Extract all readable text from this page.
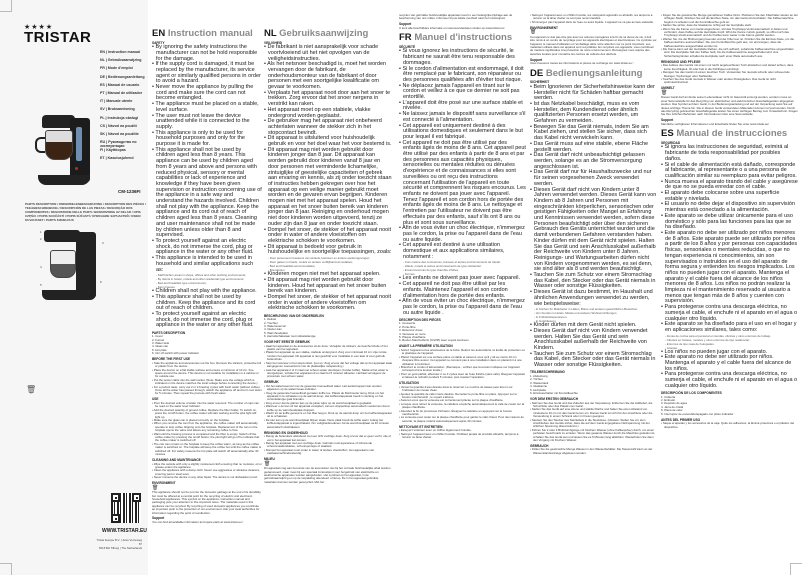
★★★★
TRISTAR
EN | Instruction manual
NL | Gebruiksaanwijzing
FR | Mode d'emploi
DE | Bedienungsanleitung
ES | Manual de usuario
PT | Manual de utilizador
IT | Manuale utente
SV | Bruksanvisning
PL | Instrukcja obsługi
CS | Návod na použití
SK | Návod na použitie
RU | Руководство по эксплуатации
FI | Käyttöopas
ET | Kasutusjuhend
CM-1236FI
PARTS DESCRIPTION / ONDERDELENBESCHRIJVING / DESCRIPTION DES PIÈCES / TEILEBESCHREIBUNG / DESCRIPCIÓN DE LAS PIEZAS / DESCRIÇÃO DOS COMPONENTES / DESCRIZIONE DELLE PARTI / BESKRIVNING AV DELAR / OPIS CZĘŚCI / POPIS SOUČÁSTÍ / POPIS SÚČASTÍ / ОПИСАНИЕ ЗАПЧАСТЕЙ / OSIEN KUVAUKSET / PARTS KIRJELDUS
1
2
3
4
5
6
🗑
WWW.TRISTAR.EU
Tristar Europe B.V. | Jules Verneweg 87
5015 BH Tilburg | The Netherlands
EN Instruction manual
SAFETY
• By ignoring the safety instructions the manufacturer can not be hold responsible for the damage.
• If the supply cord is damaged, it must be replaced by the manufacturer, its service agent or similarly qualified persons in order to avoid a hazard.
• Never move the appliance by pulling the cord and make sure the cord can not become entangled.
• The appliance must be placed on a stable, level surface.
• The user must not leave the device unattended while it is connected to the supply.
• This appliance is only to be used for household purposes and only for the purpose it is made for.
• This appliance shall not be used by children aged less than 8 years. This appliance can be used by children aged from 8 years and above and persons with reduced physical, sensory or mental capabilities or lack of experience and knowledge if they have been given supervision or instruction concerning use of the appliance in a safe way and understand the hazards involved. Children shall not play with the appliance. Keep the appliance and its cord out of reach of children aged less than 8 years. Cleaning and user maintenance shall not be made by children unless older than 8 and supervised.
• To protect yourself against an electric shock, do not immerse the cord, plug or appliance in the water or any other fluid.
• This appliance is intended to be used in household and similar applications such as:
- Staff kitchen areas in shops, offices and other working environments;
- By clients in hotels, motels and other residential type environments;
- Bed and breakfast type environments;
- Farm houses.
• Children shall not play with the appliance.
• This appliance shall not be used by children. Keep the appliance and its cord out of reach of children.
• To protect yourself against an electric shock, do not immerse the cord, plug or appliance in the water or any other fluid.
PARTS DESCRIPTION
1. Cover
2. Funnel
3. Water tank
4. Glass can
5. Hot plate
6. On/ off switch with power indicator
BEFORE THE FIRST USE
• Take the appliance and accessories out the box. Remove the stickers, protective foil or plastic from the device.
• Place the device on a flat stable surface and ensure a minimum of 10 cm. free space around the device. This device is not suitable for installation in a cabinet or for outside use.
• Put the power cable into the wall socket. (Note: Make sure the voltage which is indicated on the device matches the local voltage before connecting the device.)
• For a perfect taste, carry out 2 or 3 brewing cycles with fresh water (without coffee). Once all the water has passed through, switch the appliance off and let it cool down for 5 minutes. Then repeat the process with fresh water.
USE
• Pour the desired volume of water into the water reservoir. The number of cups can be read on the water level indicator.
• Add the desired quantity of ground coffee. Replace the filter holder. To switch on, press the on/off button, the coffee maker will start working and the pilot light will light up.
• Make sure the glass can is placed correctly on the hotplate.
• When you remove the can from the appliance, the coffee maker will automatically operate to stop coffee dripping onto the hotplate. Replacement of the can on the hotplate opens the valve and allows any remaining coffee to flow.
• Wait until the brewing process is completed and the filter is empty. Switch off the coffee maker by pressing the on/off button; the pilot light will go off to indicate that the coffee maker is switched off.
• The can can remain on the hotplate to keep the coffee warm, as long as the coffee maker is switched on. The hotplate will keep the coffee hot until the coffee maker is switched off. For safety reasons the hot plate will switch off automatically after 40 minutes.
CLEANING AND MAINTENANCE
• Wipe the outside with only a slightly moistened cloth ensuring that no moisture, oil or grease enters the appliance.
• Clean the appliance with a damp cloth. Never use aggressive or abrasive cleaners, scouring pad or steel wool.
• Never immerse the device in any other liquid. The device is not dishwasher proof.
ENVIRONMENT
🗑
This appliance should not be put into the domestic garbage at the end of its durability, but must be offered at a central point for the recycling of electric and electronic household appliances. This symbol on the appliance, instruction manual and packaging puts your attention to this important issue. The materials used in this appliance can be recycled. By recycling of used domestic appliances you contribute an important push to the protection of our environment. Ask your local authorities for information regarding the point of recollection.
Support
You can find all available information and spare parts at www.tristar.eu!
NL Gebruiksaanwijzing
VEILIGHEID
• De fabrikant is niet aansprakelijk voor schade voortvloeiend uit het niet opvolgen van de veiligheidsinstructies.
• Als het netsnoer beschadigd is, moet het worden vervangen door de fabrikant, de onderhoudsmonteur van de fabrikant of door personen met een soortgelijke kwalificatie om gevaar te voorkomen.
• Verplaats het apparaat nooit door aan het snoer te trekken. Zorg ervoor dat het snoer nergens in verstrikt kan raken.
• Het apparaat moet op een stabiele, vlakke ondergrond worden geplaatst.
• De gebruiker mag het apparaat niet onbeheerd achterlaten wanneer de stekker zich in het stopcontact bevindt.
• Dit apparaat is uitsluitend voor huishoudelijk gebruik en voor het doel waar het voor bestemd is.
• Dit apparaat mag niet worden gebruikt door kinderen jonger dan 8 jaar. Dit apparaat kan worden gebruikt door kinderen vanaf 8 jaar en door personen met verminderde lichamelijke, zintuiglijke of geestelijke capaciteiten of gebrek aan ervaring en kennis, als zij onder toezicht staan of instructies hebben gekregen over hoe het apparaat op een veilige manier gebruikt moet worden en de gevaren ervan begrijpen. Kinderen mogen niet met het apparaat spelen. Houd het apparaat en het snoer buiten bereik van kinderen jonger dan 8 jaar. Reiniging en onderhoud mogen niet door kinderen worden uitgevoerd, tenzij ze ouder zijn dan 8 jaar en onder toezicht staan.
• Dompel het snoer, de stekker of het apparaat nooit onder in water of andere vloeistoffen om elektrische schokken te voorkomen.
• Dit apparaat is bedoeld voor gebruik in huishoudelijke en soortgelijke toepassingen, zoals:
- Door personeel in keukens van winkels, kantoren en andere werkomgevingen;
- Door gasten in hotels, motels en andere verblijfsaccommodaties;
- Bed and breakfast-accommodaties;
- Boerderijen.
• Kinderen mogen niet met het apparaat spelen.
• Dit apparaat mag niet worden gebruikt door kinderen. Houd het apparaat en het snoer buiten bereik van kinderen.
• Dompel het snoer, de stekker of het apparaat nooit onder in water of andere vloeistoffen om elektrische schokken te voorkomen.
BESCHRIJVING VAN DE ONDERDELEN
1. Deksel
2. Trechter
3. Waterreservoir
4. Glazen kan
5. Warmhoudplaat
6. Aan/uitschakelaar met indicatielampje
VOOR HET EERSTE GEBRUIK
• Haal het apparaat en de accessoires uit de doos. Verwijder de stickers, de beschermfolie of het plastic van het apparaat.
• Plaats het apparaat op een vlakke, stabiele ondergrond. Zorg voor minimaal 10 cm vrije ruimte rondom het apparaat. Dit apparaat is niet geschikt voor installatie in een kast of voor gebruik buitenshuis.
• Stop het netsnoer in het stopcontact. (Let op: Zorg ervoor dat het voltage dat op het apparaat staat aangegeven overeenkomt met de plaatselijke netspanning.)
• Laat het apparaat 2 of 3 maal met schoon water doorlopen (zonder koffie). Nadat al het water is doorgelopen, schakel het apparaat uit en laat het 5 minuten afkoelen. Herhaal vervolgens de procedure met schoon water.
GEBRUIK
• Vul het waterreservoir met de gewenste hoeveelheid water. Het aantal koppen kan worden afgelezen op de waterniveau-indicator.
• Voeg de gewenste hoeveelheid gemalen koffie toe. Plaats de filterhouder terug. Druk om het apparaat in te schakelen op de aan/uit-knop. Het koffiezetapparaat treedt in werking en het controlelampje gaat branden.
• Zorg ervoor dat de glazen kan op de juiste wijze op de warmhoudplaat is geplaatst.
• Wanneer u de kan uit het apparaat verwijdert, zal een druppelstop automatisch voorkomen dat er koffie op de warmhoudplaat druppelt.
• Wacht tot de koffie gereed is en het filter leeg is. Druk op de aan/uit-knop om het koffiezetapparaat uit te schakelen.
• De kan kan op de warmhoudplaat blijven staan. Deze plaat houdt de koffie warm zolang het koffiezetapparaat is ingeschakeld. Om veiligheidsredenen zal de warmhoudplaat na 40 minuten automatisch uitschakelen.
REINIGING EN ONDERHOUD
• Reinig de buitenkant uitsluitend met een licht vochtige doek. Zorg ervoor dat er geen vocht, olie of vet in het apparaat kan komen.
• Reinig het apparaat met een vochtige doek. Gebruik nooit agressieve of schurende schoonmaakmiddelen, schuursponsjes of staalwol.
• Dompel het apparaat nooit onder in water of andere vloeistoffen. Het apparaat is niet vaatwasmachinebestendig.
MILIEU
🗑
Dit apparaat mag aan het einde van de levensduur niet bij het normale huishoudelijke afval worden gedeponeerd, maar moet bij een speciaal inzamelpunt voor hergebruik van elektrische en elektronische apparaten worden aangeboden. Het symbool op het apparaat, in de gebruiksaanwijzing en op de verpakking attendeert u hierop. De in het apparaat gebruikte materialen kunnen worden gerecycled. Met het
recyclen van gebruikte huishoudelijke apparaten levert u een belangrijke bijdrage aan de bescherming van ons milieu. Informeer bij uw lokale overheid naar het inzamelpunt.
Support
U kunt alle beschikbare informatie en reserveonderdelen vinden op www.tristar.eu!
FR Manuel d'instructions
SÉCURITÉ
• Si vous ignorez les instructions de sécurité, le fabricant ne saurait être tenu responsable des dommages.
• Si le cordon d'alimentation est endommagé, il doit être remplacé par le fabricant, son réparateur ou des personnes qualifiées afin d'éviter tout risque.
• Ne déplacez jamais l'appareil en tirant sur le cordon et veillez à ce que ce dernier ne soit pas entortillé.
• L'appareil doit être posé sur une surface stable et nivelée.
• Ne laissez jamais le dispositif sans surveillance s'il est connecté à l'alimentation.
• Cet appareil est uniquement destiné à des utilisations domestiques et seulement dans le but pour lequel il est fabriqué.
• Cet appareil ne doit pas être utilisé par des enfants âgés de moins de 8 ans. Cet appareil peut être utilisé par des enfants à partir de 8 ans et par des personnes aux capacités physiques, sensorielles ou mentales réduites ou dénuées d'expérience et de connaissances si elles sont surveillées ou ont reçu des instructions concernant l'utilisation de l'appareil en toute sécurité et comprennent les risques encourus. Les enfants ne doivent pas jouer avec l'appareil. Tenez l'appareil et son cordon hors de portée des enfants âgés de moins de 8 ans. Le nettoyage et l'entretien par l'utilisateur ne doivent pas être effectués par des enfants, sauf s'ils ont 8 ans ou plus et sont sous surveillance.
• Afin de vous éviter un choc électrique, n'immergez pas le cordon, la prise ou l'appareil dans de l'eau ou autre liquide.
• Cet appareil est destiné à une utilisation domestique et aux applications similaires, notamment :
- Coin cuisine des commerces, bureaux et autres environnements de travail.
- Hôtels, motels et autres environnements de type résidentiel.
- Environnements de type chambre d'hôtes.
- Fermes.
• Les enfants ne doivent pas jouer avec l'appareil.
• Cet appareil ne doit pas être utilisé par les enfants. Maintenez l'appareil et son cordon d'alimentation hors de portée des enfants.
• Afin de vous éviter un choc électrique, n'immergez pas le cordon, la prise ou l'appareil dans de l'eau ou autre liquide .
DESCRIPTION DES PIÈCES
1. Couvercle
2. Porte-filtre
3. Réservoir d'eau
4. Verseuse en verre
5. Plaque chauffante
6. Bouton Marche/Arrêt (On/Off) avec voyant lumineux
AVANT LA PREMIÈRE UTILISATION
• Sortez l'appareil et les accessoires de la boîte. Retirez les autocollants, la feuille de protection ou le plastique de l'appareil.
• Placez l'appareil sur une surface plane et stable et assurez-vous qu'il y ait au moins 10 cm d'espace libre autour. Cet appareil ne convient pas à une installation dans un placard ni à une utilisation à l'extérieur.
• Branchez le cordon d'alimentation. (Remarque : vérifiez que la tension indiquée sur l'appareil correspond à la tension locale.)
• Pour un goût parfait, effectuez 2 ou 3 cycles avec de l'eau fraîche (sans café). Éteignez l'appareil et laissez-le refroidir pendant 5 minutes, puis répétez l'opération.
UTILISATION
• Versez la quantité d'eau désirée dans le réservoir. Le nombre de tasses peut être lu sur l'indicateur de niveau d'eau.
• Ajoutez la quantité de café moulu désirée. Remettez le porte-filtre en place. Appuyez sur le bouton marche/arrêt ; le voyant s'allume.
• Assurez-vous que la verseuse est correctement placée sur la plaque chauffante.
• Lorsque vous retirez la verseuse, la cafetière empêche automatiquement le café de couler sur la plaque chauffante.
• Attendez la fin du processus d'infusion. Éteignez la cafetière en appuyant sur le bouton marche/arrêt.
• La verseuse peut rester sur la plaque chauffante pour garder le café chaud. Pour des raisons de sécurité, la plaque s'éteint automatiquement après 40 minutes.
NETTOYAGE ET ENTRETIEN
• Essuyez l'extérieur avec un chiffon légèrement humide.
• Nettoyez l'appareil avec un chiffon humide. N'utilisez jamais de produits abrasifs, tampons à récurer ou laine d'acier.
• Nettoyez l'appareil avec un chiffon humide, les nettoyants agressifs ou abrasifs, les tampons à récurer ou la laine d'acier ne sont pas recommandés.
• N'immergez pas l'appareil dans de l'eau ou autre liquide. L'appareil ne va pas au lave-vaisselle.
ENVIRONNEMENT
🗑
Cet appareil ne doit pas être jeté avec les ordures ménagères à la fin de sa durée de vie, il doit être remis à un centre de recyclage pour les appareils électriques et électroniques. Ce symbole sur l'appareil, le manuel d'utilisation et l'emballage attire votre attention sur ce point important. Les matériaux utilisés dans cet appareil sont recyclables. En recyclant vos appareils, vous contribuez de manière significative à la protection de notre environnement. Renseignez-vous auprès des autorités locales pour connaître les centres de collecte des déchets.
Support
Vous trouverez toutes les informations et pièces de rechange sur www.tristar.eu !
DE Bedienungsanleitung
SICHERHEIT
• Beim Ignorieren der Sicherheitshinweise kann der Hersteller nicht für Schäden haftbar gemacht werden.
• Ist das Netzkabel beschädigt, muss es vom Hersteller, dem Kundendienst oder ähnlich qualifizierten Personen ersetzt werden, um Gefahren zu vermeiden.
• Bewegen Sie das Gerät niemals, indem Sie am Kabel ziehen, und stellen Sie sicher, dass sich das Kabel nicht verwickeln kann.
• Das Gerät muss auf eine stabile, ebene Fläche gestellt werden.
• Das Gerät darf nicht unbeaufsichtigt gelassen werden, solange es an die Stromversorgung angeschlossen ist.
• Das Gerät darf nur für Haushaltszwecke und nur für seinen vorgesehenen Zweck verwendet werden.
• Dieses Gerät darf nicht von Kindern unter 8 Jahren verwendet werden. Dieses Gerät kann von Kindern ab 8 Jahren und Personen mit eingeschränkten körperlichen, sensorischen oder geistigen Fähigkeiten oder Mangel an Erfahrung und Kenntnissen verwendet werden, sofern diese Personen beaufsichtigt oder über den sicheren Gebrauch des Geräts unterrichtet wurden und die damit verbundenen Gefahren verstanden haben. Kinder dürfen mit dem Gerät nicht spielen. Halten Sie das Gerät und sein Anschlusskabel außerhalb der Reichweite von Kindern unter 8 Jahren. Reinigungs- und Wartungsarbeiten dürfen nicht von Kindern vorgenommen werden, es sei denn, sie sind älter als 8 und werden beaufsichtigt.
• Tauchen Sie zum Schutz vor einem Stromschlag das Kabel, den Stecker oder das Gerät niemals in Wasser oder sonstige Flüssigkeiten.
• Dieses Gerät ist dazu bestimmt, im Haushalt und ähnlichen Anwendungen verwendet zu werden, wie beispielsweise:
- In Küchen für Mitarbeiter in Läden, Büros und anderen gewerblichen Bereichen.
- Von Kunden in Hotels, Motels und anderen Wohneinrichtungen.
- In Frühstückspensionen.
- In Gutshäusern.
• Kinder dürfen mit dem Gerät nicht spielen.
• Dieses Gerät darf nicht von Kindern verwendet werden. Halten Sie das Gerät und sein Anschlusskabel außerhalb der Reichweite von Kindern.
• Tauchen Sie zum Schutz vor einem Stromschlag das Kabel, den Stecker oder das Gerät niemals in Wasser oder sonstige Flüssigkeiten.
TEILEBESCHREIBUNG
1. Abdeckung
2. Trichter
3. Wassertank
4. Glaskanne
5. Heizplatte
6. Ein/Ausschalter mit Kontrollleuchte
VOR DEM ERSTEN GEBRAUCH
• Nehmen Sie das Gerät und das Zubehör aus der Verpackung. Entfernen Sie die Aufkleber, die Schutzfolie oder das Plastik vom Gerät.
• Stellen Sie das Gerät auf eine ebene und stabile Fläche und halten Sie einen Abstand von mindestens 10 cm um das Gerät herum ein. Dieses Gerät ist nicht für den Anschluss oder die Verwendung in einem Schrank oder im Freien geeignet.
• Stecken Sie den Stecker des Netzkabels in die Steckdose. (Hinweis: Stellen Sie vor dem Anschließen des Geräts sicher, dass die auf dem Gerät angegebene Netzspannung mit der örtlichen Spannung übereinstimmt.)
• Führen Sie 2 oder 3 Brühdurchgänge mit frischem Wasser (ohne Kaffeepulver) durch, um einen perfekten Geschmack zu erzielen. Wenn das gesamte Wasser durch die Maschine gelaufen ist, schalten Sie das Gerät aus und lassen Sie es 5 Minuten lang abkühlen. Wiederholen Sie dann den Vorgang mit frischem Wasser.
GEBRAUCH
• Füllen Sie die gewünschte Menge Wasser in den Wasserbehälter. Die Tassenzahl kann an der Wasserstandsanzeige abgelesen werden.
• Fügen Sie die gewünschte Menge gemahlenen Kaffee hinzu. Platzieren Sie den Filterhalter wieder an der richtigen Stelle. Drücken Sie auf die Ein/Aus-Taste, um das Gerät einzuschalten. Die Kaffeemaschine beginnt zu arbeiten und die Kontrollleuchte geht an.
• Stellen Sie sicher, dass die Glaskanne richtig auf der Heizplatte steht.
• Wenn Sie die Kanne vom Gerät wegnehmen, tritt das Tropfstopp-Ventil automatisch in Aktion und verhindert, dass Kaffee auf die Heizplatte tropft. Wird die Kanne zurück gestellt, so öffnet sich das Tropfstopp-Ventil automatisch und der Kaffee kann weiter in die Kanne geführt werden.
• Warten Sie, bis der Brühvorgang beendet und der Filter leer ist. Drücken Sie die Ein/Aus-Taste, um die Kaffeemaschine auszuschalten. Die rote Kontrollleuchte geht aus, um anzuzeigen, dass die Kaffeemaschine ausgeschaltet worden ist.
• Die Kanne kann auf der Heizplatte bleiben, die sich aufheizt, sobald die Kaffeemaschine eingeschaltet wird. Die Heizplatte hält den Kaffee heiß, bis die Kaffeemaschine ausgeschaltet wird. Aus Sicherheitsgründen schaltet die Heizplatte nach einer Weile automatisch aus.
REINIGUNG UND PFLEGE
• Das Äußere des Geräts mit einem nur leicht angefeuchteten Tuch abwischen und darauf achten, dass keine Feuchtigkeit, Öl oder Fett in die Kühlrippen eindringt.
• Reinigen Sie das Gerät mit einem feuchten Tuch. Verwenden Sie niemals scharfe oder scheuernde Reiniger, Topfreiniger oder Stahlwolle.
• Tauchen Sie das Gerät niemals in Wasser oder andere Flüssigkeiten. Das Gerät ist nicht spülmaschinenfest.
UMWELT
🗑
Dieses Gerät darf am Ende seiner Lebensdauer nicht im Hausmüll entsorgt werden, sondern muss an einer Sammelstelle für das Recycling von elektrischen und elektronischen Haushaltsgeräten abgegeben werden. Das Symbol auf dem Gerät, in der Bedienungsanleitung und auf der Verpackung weist Sie auf dieses wichtige Thema hin. Die in diesem Gerät verwendeten Materialien können recycelt werden. Durch das Recycling gebrauchter Haushaltsgeräte leisten Sie einen wichtigen Beitrag zum Umweltschutz. Fragen Sie Ihre örtlichen Behörden nach Informationen über eine Sammelstelle.
Support
Sämtliche verfügbaren Informationen und Ersatzteile finden Sie unter www.tristar.eu!
ES Manual de instrucciones
SEGURIDAD
• Si ignora las instrucciones de seguridad, eximirá al fabricante de toda responsabilidad por posibles daños.
• Si el cable de alimentación está dañado, corresponde al fabricante, al representante o a una persona de cualificación similar su reemplazo para evitar peligros.
• Nunca mueva el aparato tirando del cable y asegúrese de que no se pueda enredar con el cable.
• El aparato debe colocarse sobre una superficie estable y nivelada.
• El usuario no debe dejar el dispositivo sin supervisión mientras está conectado a la alimentación.
• Este aparato se debe utilizar únicamente para el uso doméstico y sólo para las funciones para las que se ha diseñado.
• Este aparato no debe ser utilizado por niños menores de 8 años. Este aparato puede ser utilizado por niños a partir de los 8 años y por personas con capacidades físicas, sensoriales o mentales reducidas, o que no tengan experiencia ni conocimientos, sin son supervisados o instruidos en el uso del aparato de forma segura y entienden los riesgos implicados. Los niños no pueden jugar con el aparato. Mantenga el aparato y el cable fuera del alcance de los niños menores de 8 años. Los niños no podrán realizar la limpieza ni el mantenimiento reservado al usuario a menos que tengan más de 8 años y cuenten con supervisión.
• Para protegerse contra una descarga eléctrica, no sumerja el cable, el enchufe ni el aparato en el agua o cualquier otro líquido.
• Este aparato se ha diseñado para el uso en el hogar y en aplicaciones similares, tales como:
- Zonas de cocina para el personal en tiendas, oficinas y otros entornos de trabajo.
- Clientes en hoteles, moteles y otros entornos de tipo residencial.
- Entornos de tipo casa de huéspedes.
- Granjas.
• Los niños no pueden jugar con el aparato.
• Este aparato no debe ser utilizado por niños. Mantenga el aparato y el cable fuera del alcance de los niños.
• Para protegerse contra una descarga eléctrica, no sumerja el cable, el enchufe ni el aparato en el agua o cualquier otro líquido.
DESCRIPCIÓN DE LOS COMPONENTES
1. Cubierta
2. Embudo
3. Depósito de agua
4. Jarra de cristal
5. Placa de calor
6. Interruptor de encendido/apagado con piloto indicador
ANTES DEL PRIMER USO
• Saque el aparato y los accesorios de la caja. Quite los adhesivos, la lámina protectora o el plástico del dispositivo.
